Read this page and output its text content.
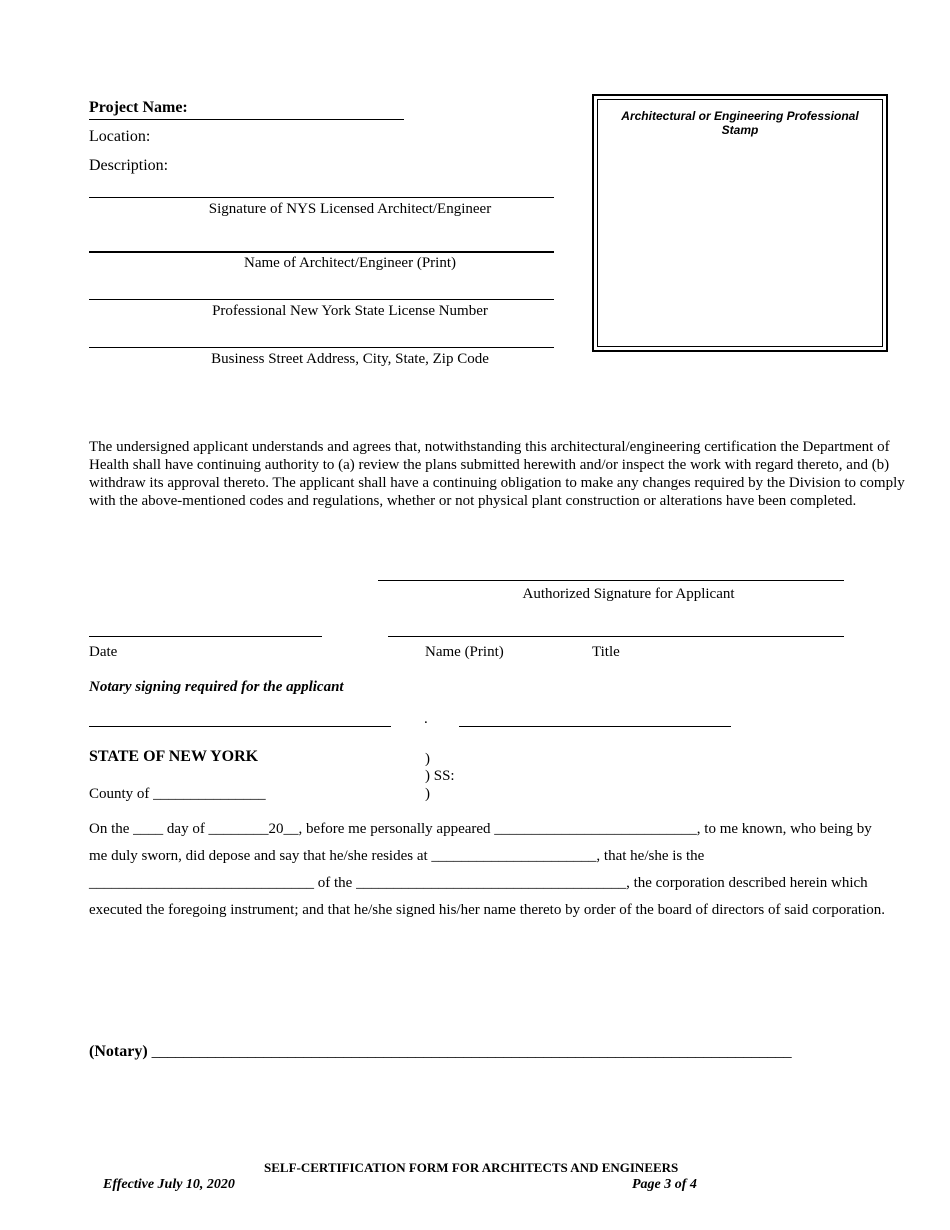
Project Name:
Location:
Description:
Signature of NYS Licensed Architect/Engineer
Name of Architect/Engineer (Print)
Professional New York State License Number
Business Street Address, City, State, Zip Code
Architectural or Engineering Professional Stamp
The undersigned applicant understands and agrees that, notwithstanding this architectural/engineering certification the Department of Health shall have continuing authority to (a) review the plans submitted herewith and/or inspect the work with regard thereto, and (b) withdraw its approval thereto. The applicant shall have a continuing obligation to make any changes required by the Division to comply with the above-mentioned codes and regulations, whether or not physical plant construction or alterations have been completed.
Authorized Signature for Applicant
Date	Name (Print)	Title
Notary signing required for the applicant
.
STATE OF NEW YORK	)
) SS:
)
County of _______________
On the ____ day of ________20__, before me personally appeared ___________________________, to me known, who being by
me duly sworn, did depose and say that he/she resides at ______________________, that he/she is the
______________________________ of the ____________________________________, the corporation described herein which
executed the foregoing instrument; and that he/she signed his/her name thereto by order of the board of directors of said corporation.
(Notary) ________________________________________________________________________________
SELF-CERTIFICATION FORM FOR ARCHITECTS AND ENGINEERS
Effective July 10, 2020	Page 3 of 4
